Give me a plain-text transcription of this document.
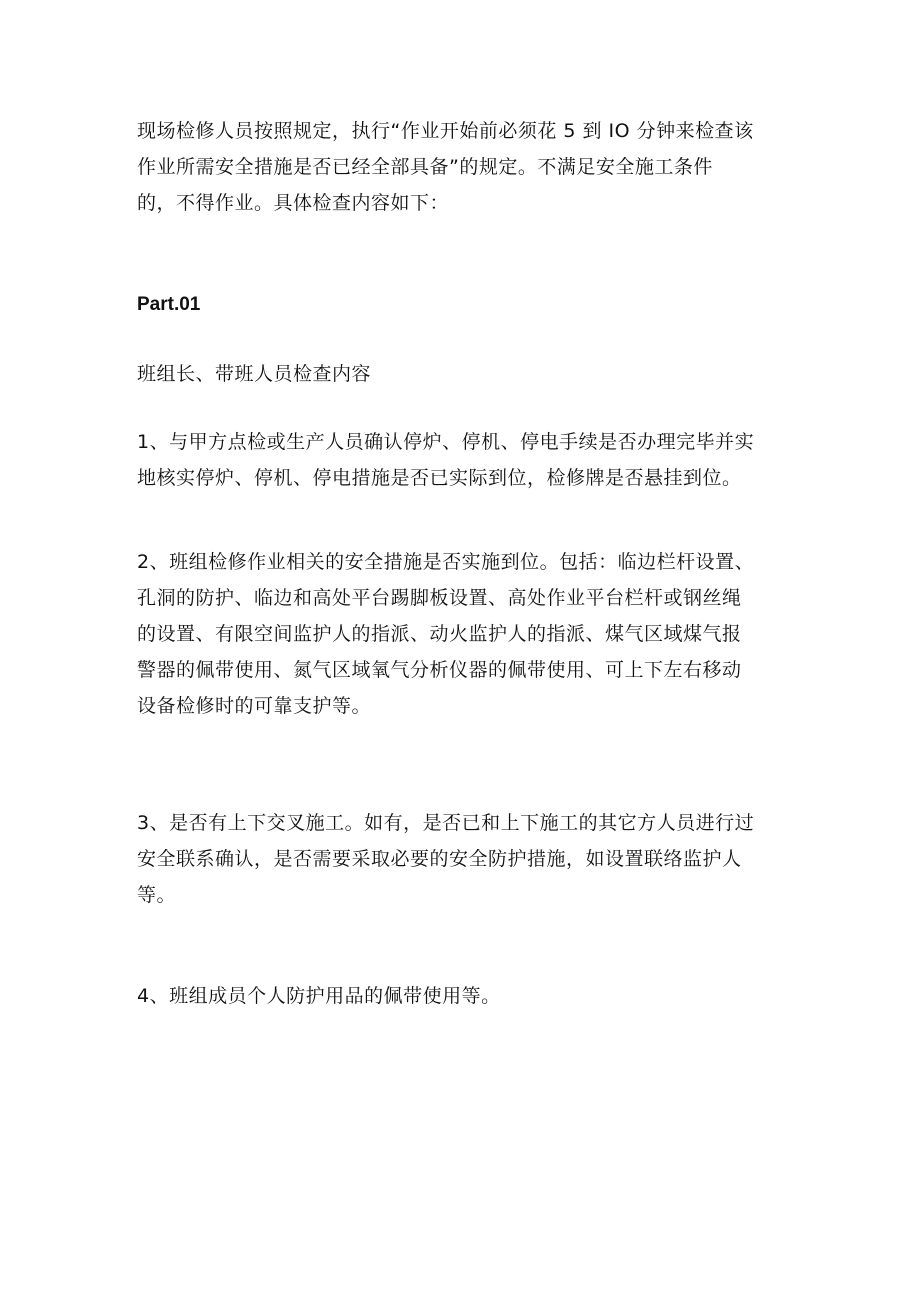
现场检修人员按照规定，执行“作业开始前必须花 5 到 IO 分钟来检查该
作业所需安全措施是否已经全部具备”的规定。不满足安全施工条件
的，不得作业。具体检查内容如下：
Part.01
班组长、带班人员检查内容
1、与甲方点检或生产人员确认停炉、停机、停电手续是否办理完毕并实
地核实停炉、停机、停电措施是否已实际到位，检修牌是否悬挂到位。
2、班组检修作业相关的安全措施是否实施到位。包括：临边栏杆设置、
孔洞的防护、临边和高处平台踢脚板设置、高处作业平台栏杆或钢丝绳
的设置、有限空间监护人的指派、动火监护人的指派、煤气区域煤气报
警器的佩带使用、氮气区域氧气分析仪器的佩带使用、可上下左右移动
设备检修时的可靠支护等。
3、是否有上下交叉施工。如有，是否已和上下施工的其它方人员进行过
安全联系确认，是否需要采取必要的安全防护措施，如设置联络监护人
等。
4、班组成员个人防护用品的佩带使用等。
